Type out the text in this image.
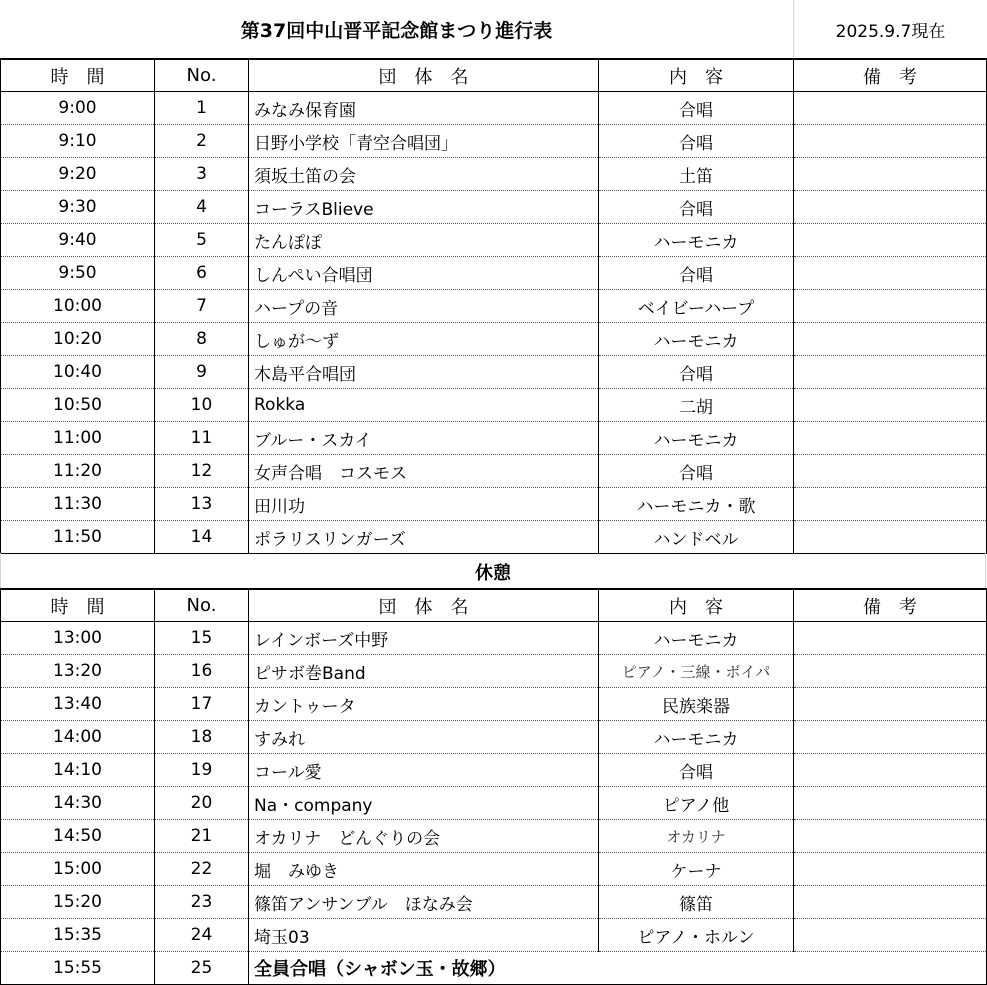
第37回中山晋平記念館まつり進行表	2025.9.7現在
時　間	No.	団　体　名	内　容	備　考
9:00	1	みなみ保育園	合唱	
9:10	2	日野小学校「青空合唱団」	合唱	
9:20	3	須坂土笛の会	土笛	
9:30	4	コーラスBlieve	合唱	
9:40	5	たんぽぽ	ハーモニカ	
9:50	6	しんぺい合唱団	合唱	
10:00	7	ハープの音	ベイビーハープ	
10:20	8	しゅが～ず	ハーモニカ	
10:40	9	木島平合唱団	合唱	
10:50	10	Rokka	二胡	
11:00	11	ブルー・スカイ	ハーモニカ	
11:20	12	女声合唱　コスモス	合唱	
11:30	13	田川功	ハーモニカ・歌	
11:50	14	ポラリスリンガーズ	ハンドベル	
休憩
時　間	No.	団　体　名	内　容	備　考
13:00	15	レインボーズ中野	ハーモニカ	
13:20	16	ピサボ巻Band	ピアノ・三線・ボイパ	
13:40	17	カントゥータ	民族楽器	
14:00	18	すみれ	ハーモニカ	
14:10	19	コール愛	合唱	
14:30	20	Na・company	ピアノ他	
14:50	21	オカリナ　どんぐりの会	オカリナ	
15:00	22	堀　みゆき	ケーナ	
15:20	23	篠笛アンサンブル　ほなみ会	篠笛	
15:35	24	埼玉03	ピアノ・ホルン	
15:55	25	全員合唱（シャボン玉・故郷）		
